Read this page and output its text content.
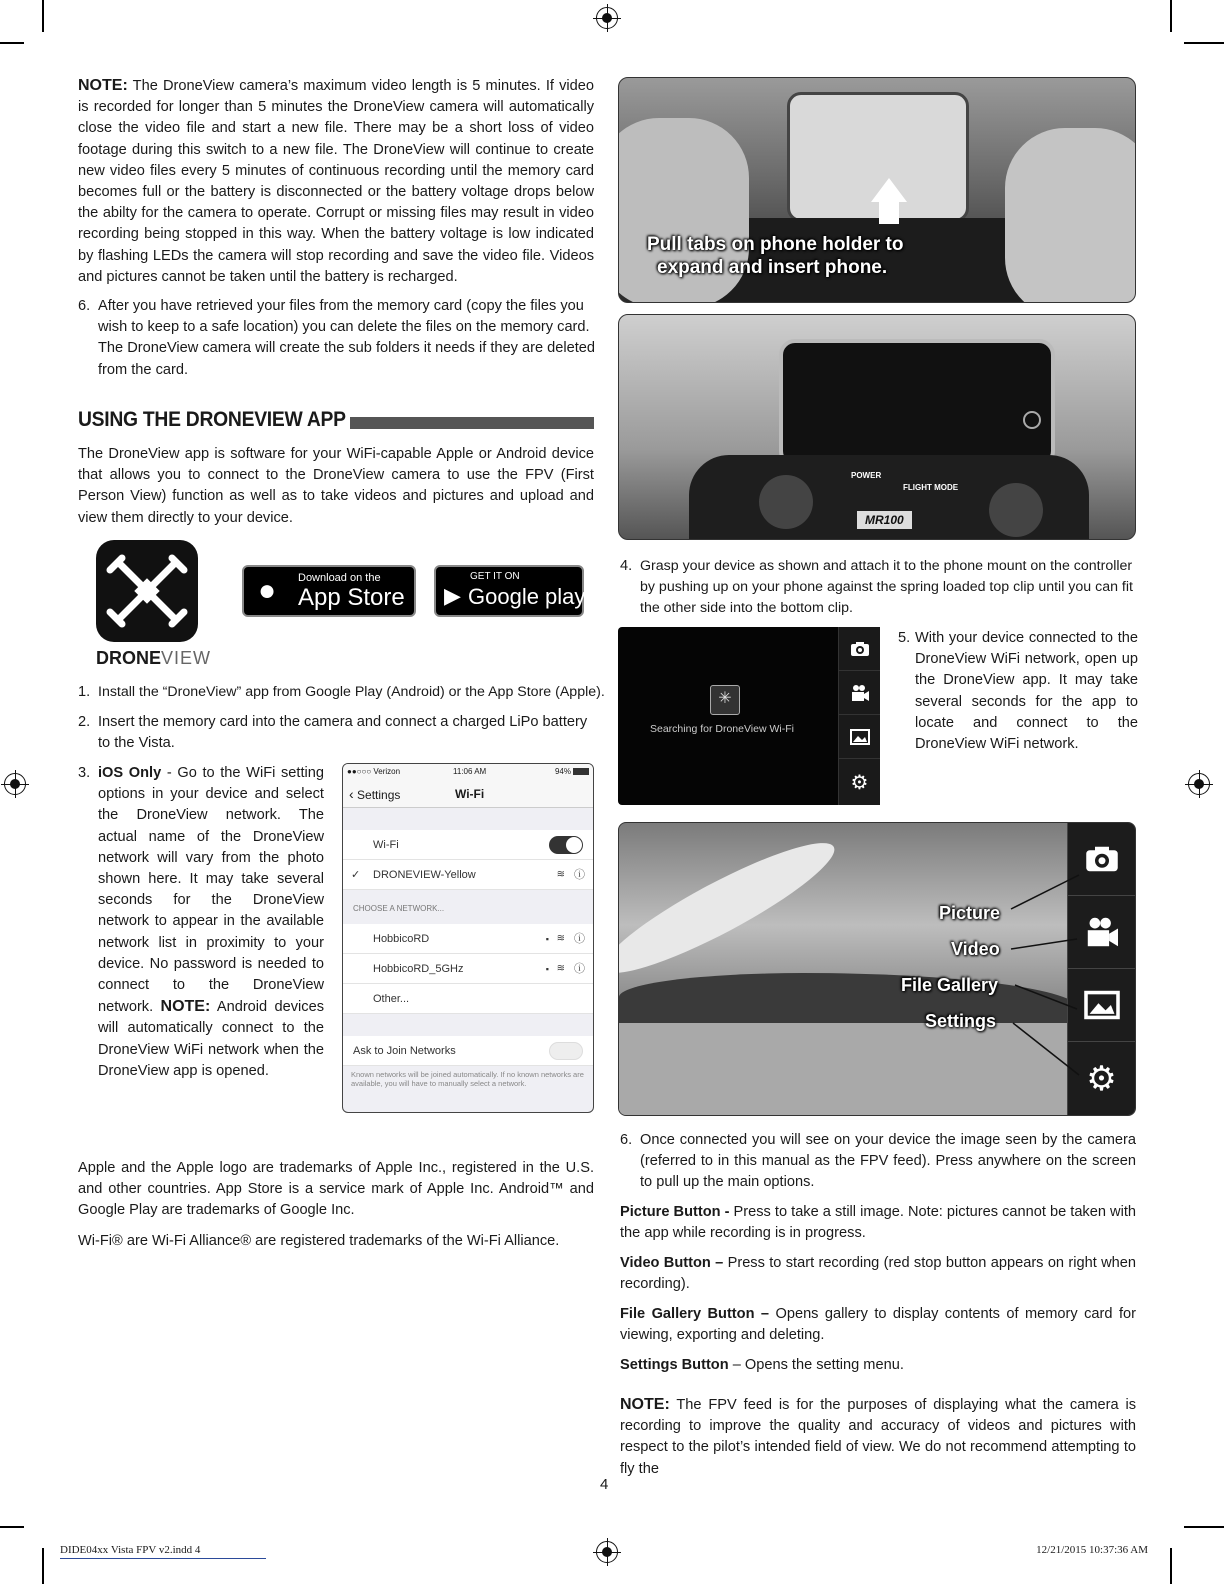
NOTE: The DroneView camera’s maximum video length is 5 minutes. If video is recorded for longer than 5 minutes the DroneView camera will automatically close the video file and start a new file. There may be a short loss of video footage during this switch to a new file. The DroneView will continue to create new video files every 5 minutes of continuous recording until the memory card becomes full or the battery is disconnected or the battery voltage drops below the abilty for the camera to operate. Corrupt or missing files may result in video recording being stopped in this way. When the battery voltage is low indicated by flashing LEDs the camera will stop recording and save the video file. Videos and pictures cannot be taken until the battery is recharged.
6. After you have retrieved your files from the memory card (copy the files you wish to keep to a safe location) you can delete the files on the memory card. The DroneView camera will create the sub folders it needs if they are deleted from the card.
USING THE DRONEVIEW APP
The DroneView app is software for your WiFi-capable Apple or Android device that allows you to connect to the DroneView camera to use the FPV (First Person View) function as well as to take videos and pictures and upload and view them directly to your device.
DRONEVIEW
● Download on the
App Store ▶
GET IT ON
Google play
1. Install the “DroneView” app from Google Play (Android) or the App Store (Apple).
2. Insert the memory card into the camera and connect a charged LiPo battery to the Vista.
3. iOS Only - Go to the WiFi setting options in your device and select the DroneView network. The actual name of the DroneView network will vary from the photo shown here. It may take several seconds for the DroneView network to appear in the available network list in proximity to your device. No password is needed to connect to the DroneView network. NOTE: Android devices will automatically connect to the DroneView WiFi network when the DroneView app is opened.
●●○○○ Verizon	11:06 AM	94%
‹ Settings	Wi-Fi
Wi-Fi
✓ DRONEVIEW-Yellow	≋ ⓘ
CHOOSE A NETWORK...
HobbicoRD	▪ ≋ ⓘ
HobbicoRD_5GHz	▪ ≋ ⓘ
Other...
Ask to Join Networks
Known networks will be joined automatically. If no known networks are available, you will have to manually select a network.
Apple and the Apple logo are trademarks of Apple Inc., registered in the U.S. and other countries. App Store is a service mark of Apple Inc. Android™ and Google Play are trademarks of Google Inc.
Wi-Fi® are Wi-Fi Alliance® are registered trademarks of the Wi-Fi Alliance.
Pull tabs on phone holder to
expand and insert phone.
POWER
FLIGHT MODE
MR100
4. Grasp your device as shown and attach it to the phone mount on the controller by pushing up on your phone against the spring loaded top clip until you can fit the other side into the bottom clip.
✳
Searching for DroneView Wi-Fi
⚙
5. With your device connected to the DroneView WiFi network, open up the DroneView app. It may take several seconds for the app to locate and connect to the DroneView WiFi network.
⚙
Picture
Video
File Gallery
Settings
6. Once connected you will see on your device the image seen by the camera (referred to in this manual as the FPV feed). Press anywhere on the screen to pull up the main options.
Picture Button - Press to take a still image. Note: pictures cannot be taken with the app while recording is in progress.
Video Button – Press to start recording (red stop button appears on right when recording).
File Gallery Button – Opens gallery to display contents of memory card for viewing, exporting and deleting.
Settings Button – Opens the setting menu.
NOTE: The FPV feed is for the purposes of displaying what the camera is recording to improve the quality and accuracy of videos and pictures with respect to the pilot’s intended field of view. We do not recommend attempting to fly the
4
DIDE04xx Vista FPV v2.indd 4	12/21/2015 10:37:36 AM
